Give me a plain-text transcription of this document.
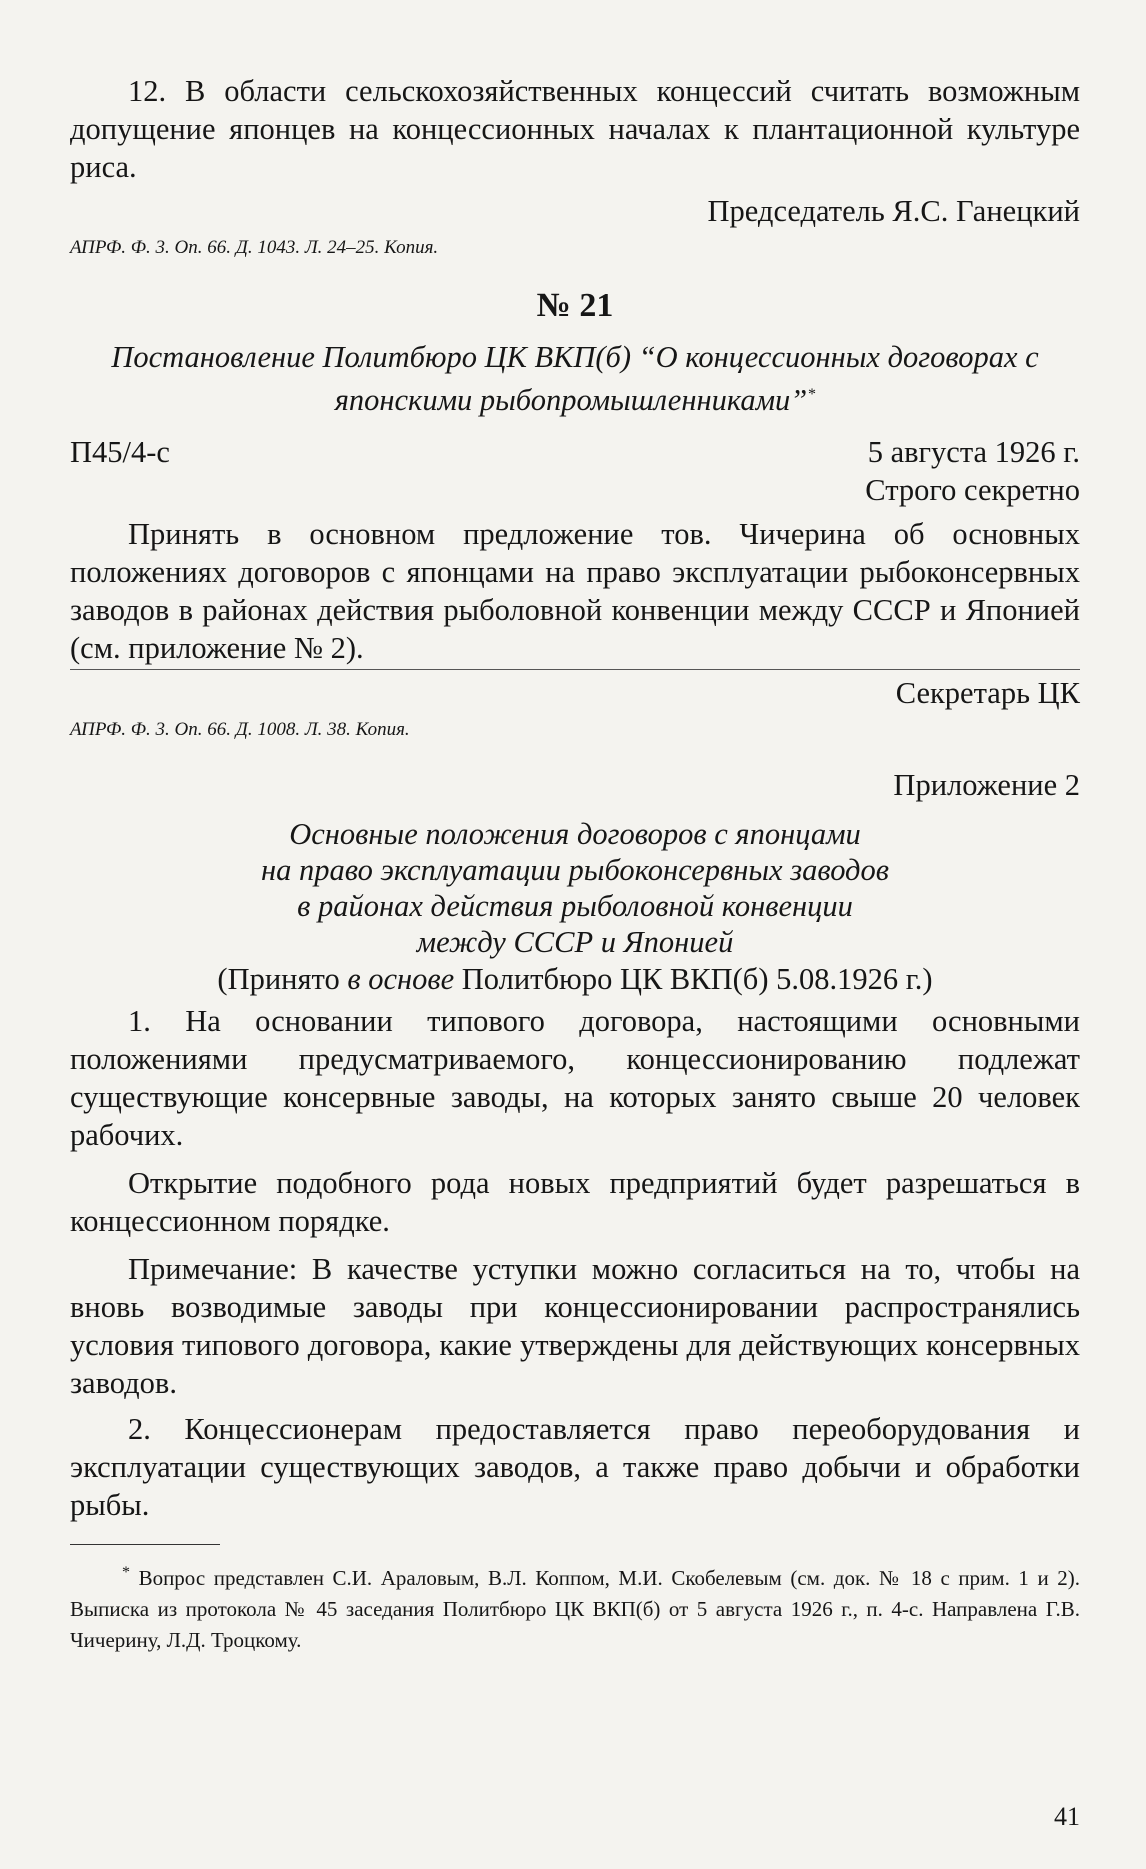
12. В области сельскохозяйственных концессий считать возможным допущение японцев на концессионных началах к плантационной культуре риса.

Председатель Я.С. Ганецкий

АПРФ. Ф. 3. Оп. 66. Д. 1043. Л. 24–25. Копия.

№ 21

Постановление Политбюро ЦК ВКП(б) “О концессионных договорах с японскими рыбопромышленниками”*

П45/4-с	5 августа 1926 г.

Строго секретно

Принять в основном предложение тов. Чичерина об основных положениях договоров с японцами на право эксплуатации рыбоконсервных заводов в районах действия рыболовной конвенции между СССР и Японией (см. приложение № 2).

Секретарь ЦК

АПРФ. Ф. 3. Оп. 66. Д. 1008. Л. 38. Копия.

Приложение 2

Основные положения договоров с японцами
на право эксплуатации рыбоконсервных заводов
в районах действия рыболовной конвенции
между СССР и Японией

(Принято в основе Политбюро ЦК ВКП(б) 5.08.1926 г.)

1. На основании типового договора, настоящими основными положениями предусматриваемого, концессионированию подлежат существующие консервные заводы, на которых занято свыше 20 человек рабочих.

Открытие подобного рода новых предприятий будет разрешаться в концессионном порядке.

Примечание: В качестве уступки можно согласиться на то, чтобы на вновь возводимые заводы при концессионировании распространялись условия типового договора, какие утверждены для действующих консервных заводов.

2. Концессионерам предоставляется право переоборудования и эксплуатации существующих заводов, а также право добычи и обработки рыбы.

* Вопрос представлен С.И. Араловым, В.Л. Коппом, М.И. Скобелевым (см. док. № 18 с прим. 1 и 2). Выписка из протокола № 45 заседания Политбюро ЦК ВКП(б) от 5 августа 1926 г., п. 4-с. Направлена Г.В. Чичерину, Л.Д. Троцкому.

41
